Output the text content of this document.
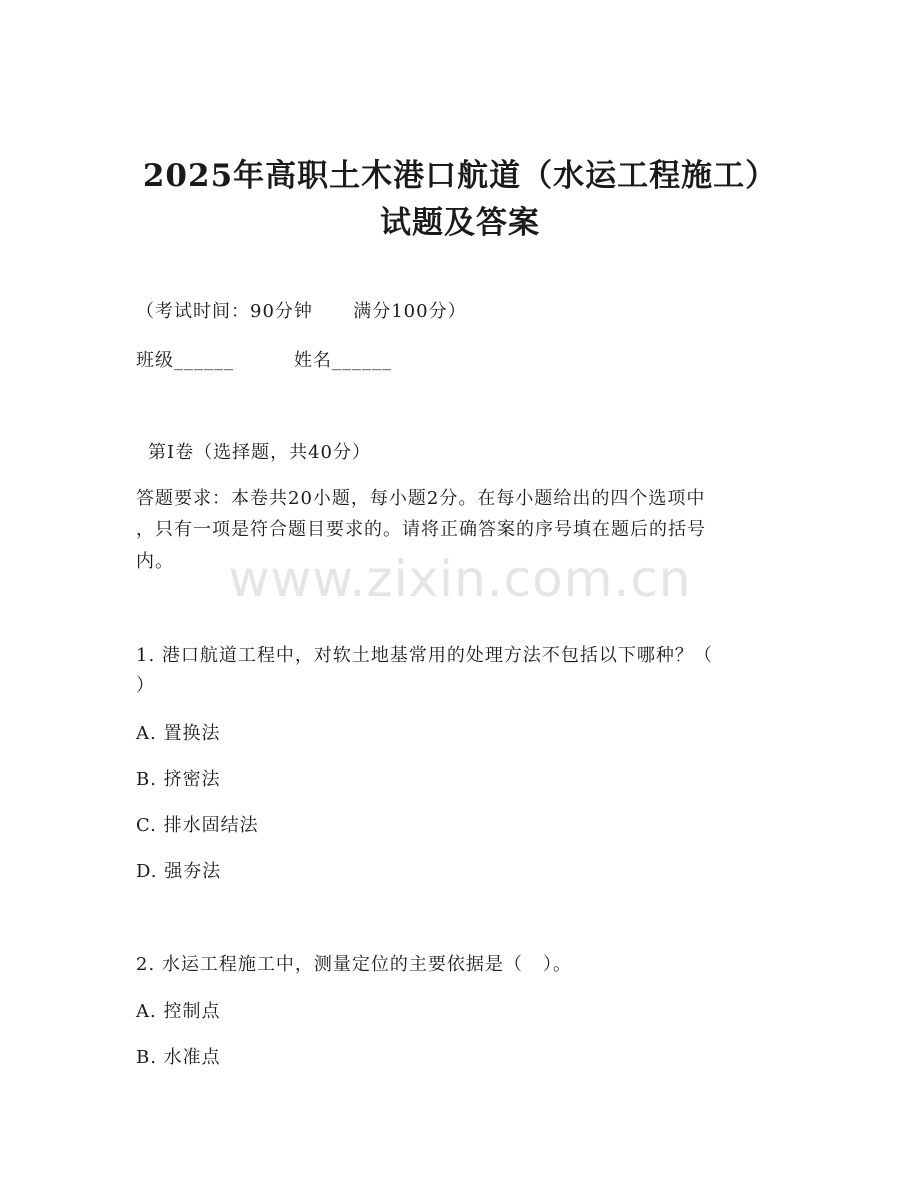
2025年高职土木港口航道（水运工程施工）
试题及答案
（考试时间：90分钟      满分100分）
班级______	姓名______
第I卷（选择题，共40分）
答题要求：本卷共20小题，每小题2分。在每小题给出的四个选项中
，只有一项是符合题目要求的。请将正确答案的序号填在题后的括号
内。	www.zixin.com.cn
1. 港口航道工程中，对软土地基常用的处理方法不包括以下哪种？（
）
A. 置换法
B. 挤密法
C. 排水固结法
D. 强夯法
2. 水运工程施工中，测量定位的主要依据是（   ）。
A. 控制点
B. 水准点
